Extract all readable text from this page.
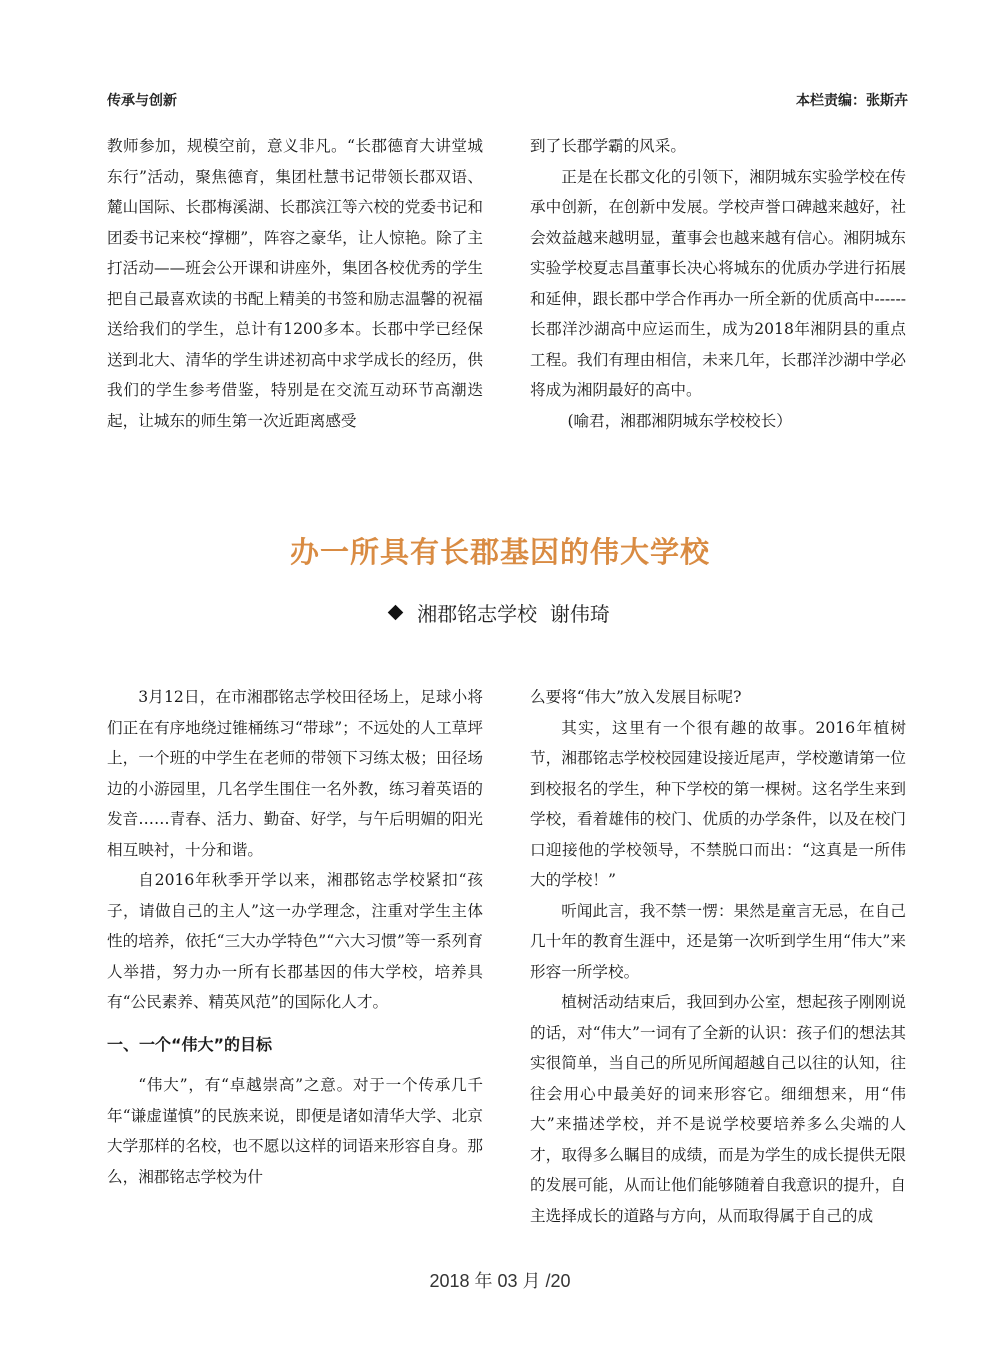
传承与创新	本栏责编：张斯卉

教师参加，规模空前，意义非凡。“长郡德育大讲堂城东行”活动，聚焦德育，集团杜慧书记带领长郡双语、麓山国际、长郡梅溪湖、长郡滨江等六校的党委书记和团委书记来校“撑棚”，阵容之豪华，让人惊艳。除了主打活动——班会公开课和讲座外，集团各校优秀的学生把自己最喜欢读的书配上精美的书签和励志温馨的祝福送给我们的学生，总计有1200多本。长郡中学已经保送到北大、清华的学生讲述初高中求学成长的经历，供我们的学生参考借鉴，特别是在交流互动环节高潮迭起，让城东的师生第一次近距离感受

到了长郡学霸的风采。

正是在长郡文化的引领下，湘阴城东实验学校在传承中创新，在创新中发展。学校声誉口碑越来越好，社会效益越来越明显，董事会也越来越有信心。湘阴城东实验学校夏志昌董事长决心将城东的优质办学进行拓展和延伸，跟长郡中学合作再办一所全新的优质高中------长郡洋沙湖高中应运而生，成为2018年湘阴县的重点工程。我们有理由相信，未来几年，长郡洋沙湖中学必将成为湘阴最好的高中。

(喻君，湘郡湘阴城东学校校长）

办一所具有长郡基因的伟大学校
湘郡铭志学校  谢伟琦

3月12日，在市湘郡铭志学校田径场上，足球小将们正在有序地绕过锥桶练习“带球”；不远处的人工草坪上，一个班的中学生在老师的带领下习练太极；田径场边的小游园里，几名学生围住一名外教，练习着英语的发音……青春、活力、勤奋、好学，与午后明媚的阳光相互映衬，十分和谐。

自2016年秋季开学以来，湘郡铭志学校紧扣“孩子，请做自己的主人”这一办学理念，注重对学生主体性的培养，依托“三大办学特色”“六大习惯”等一系列育人举措，努力办一所有长郡基因的伟大学校，培养具有“公民素养、精英风范”的国际化人才。

一、一个“伟大”的目标

“伟大”，有“卓越崇高”之意。对于一个传承几千年“谦虚谨慎”的民族来说，即便是诸如清华大学、北京大学那样的名校，也不愿以这样的词语来形容自身。那么，湘郡铭志学校为什

么要将“伟大”放入发展目标呢?

其实，这里有一个很有趣的故事。2016年植树节，湘郡铭志学校校园建设接近尾声，学校邀请第一位到校报名的学生，种下学校的第一棵树。这名学生来到学校，看着雄伟的校门、优质的办学条件，以及在校门口迎接他的学校领导，不禁脱口而出：“这真是一所伟大的学校！”

听闻此言，我不禁一愣：果然是童言无忌，在自己几十年的教育生涯中，还是第一次听到学生用“伟大”来形容一所学校。

植树活动结束后，我回到办公室，想起孩子刚刚说的话，对“伟大”一词有了全新的认识：孩子们的想法其实很简单，当自己的所见所闻超越自己以往的认知，往往会用心中最美好的词来形容它。细细想来，用“伟大”来描述学校，并不是说学校要培养多么尖端的人才，取得多么瞩目的成绩，而是为学生的成长提供无限的发展可能，从而让他们能够随着自我意识的提升，自主选择成长的道路与方向，从而取得属于自己的成

2018 年 03 月 /20
